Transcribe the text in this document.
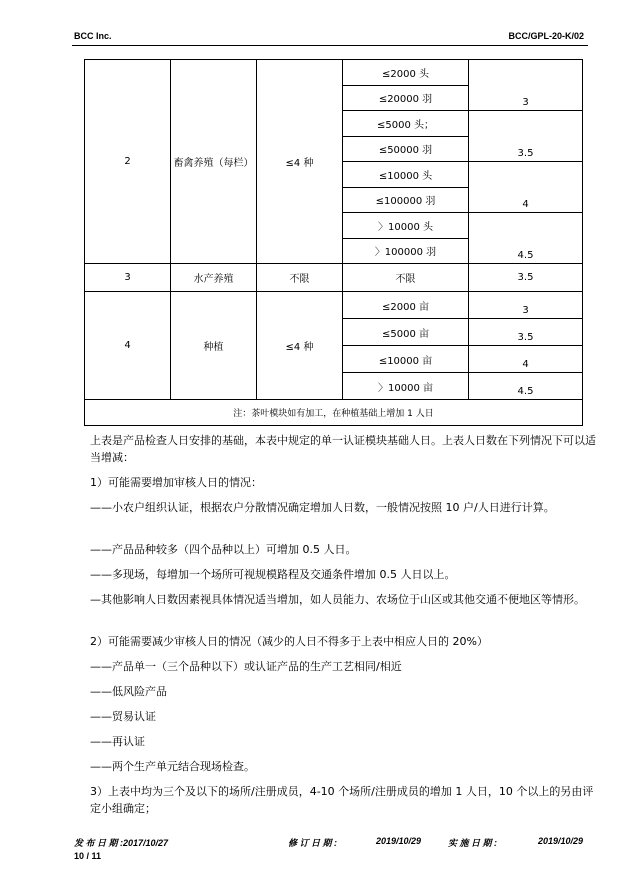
BCC Inc.	BCC/GPL-20-K/02
2	畜禽养殖（每栏）	≤4 种	≤2000 头	3
			≤20000 羽	
			≤5000 头；	3.5
			≤50000 羽	
			≤10000 头	4
			≤100000 羽	
			〉10000 头	4.5
			〉100000 羽	
3	水产养殖	不限	不限	3.5
4	种植	≤4 种	≤2000 亩	3
			≤5000 亩	3.5
			≤10000 亩	4
			〉10000 亩	4.5
注：茶叶模块如有加工，在种植基础上增加 1 人日				

上表是产品检查人日安排的基础，本表中规定的单一认证模块基础人日。上表人日数在下列情况下可以适当增减：

1）可能需要增加审核人日的情况：

——小农户组织认证，根据农户分散情况确定增加人日数，一般情况按照 10 户/人日进行计算。

——产品品种较多（四个品种以上）可增加 0.5 人日。

——多现场，每增加一个场所可视规模路程及交通条件增加 0.5 人日以上。

—其他影响人日数因素视具体情况适当增加，如人员能力、农场位于山区或其他交通不便地区等情形。

2）可能需要减少审核人日的情况（减少的人日不得多于上表中相应人日的 20%）

——产品单一（三个品种以下）或认证产品的生产工艺相同/相近

——低风险产品

——贸易认证

——再认证

——两个生产单元结合现场检查。

3）上表中均为三个及以下的场所/注册成员，4-10 个场所/注册成员的增加 1 人日，10 个以上的另由评定小组确定；

发 布 日 期 :2017/10/27	修 订 日 期 :	2019/10/29	实 施 日 期 :	2019/10/29
10 / 11
